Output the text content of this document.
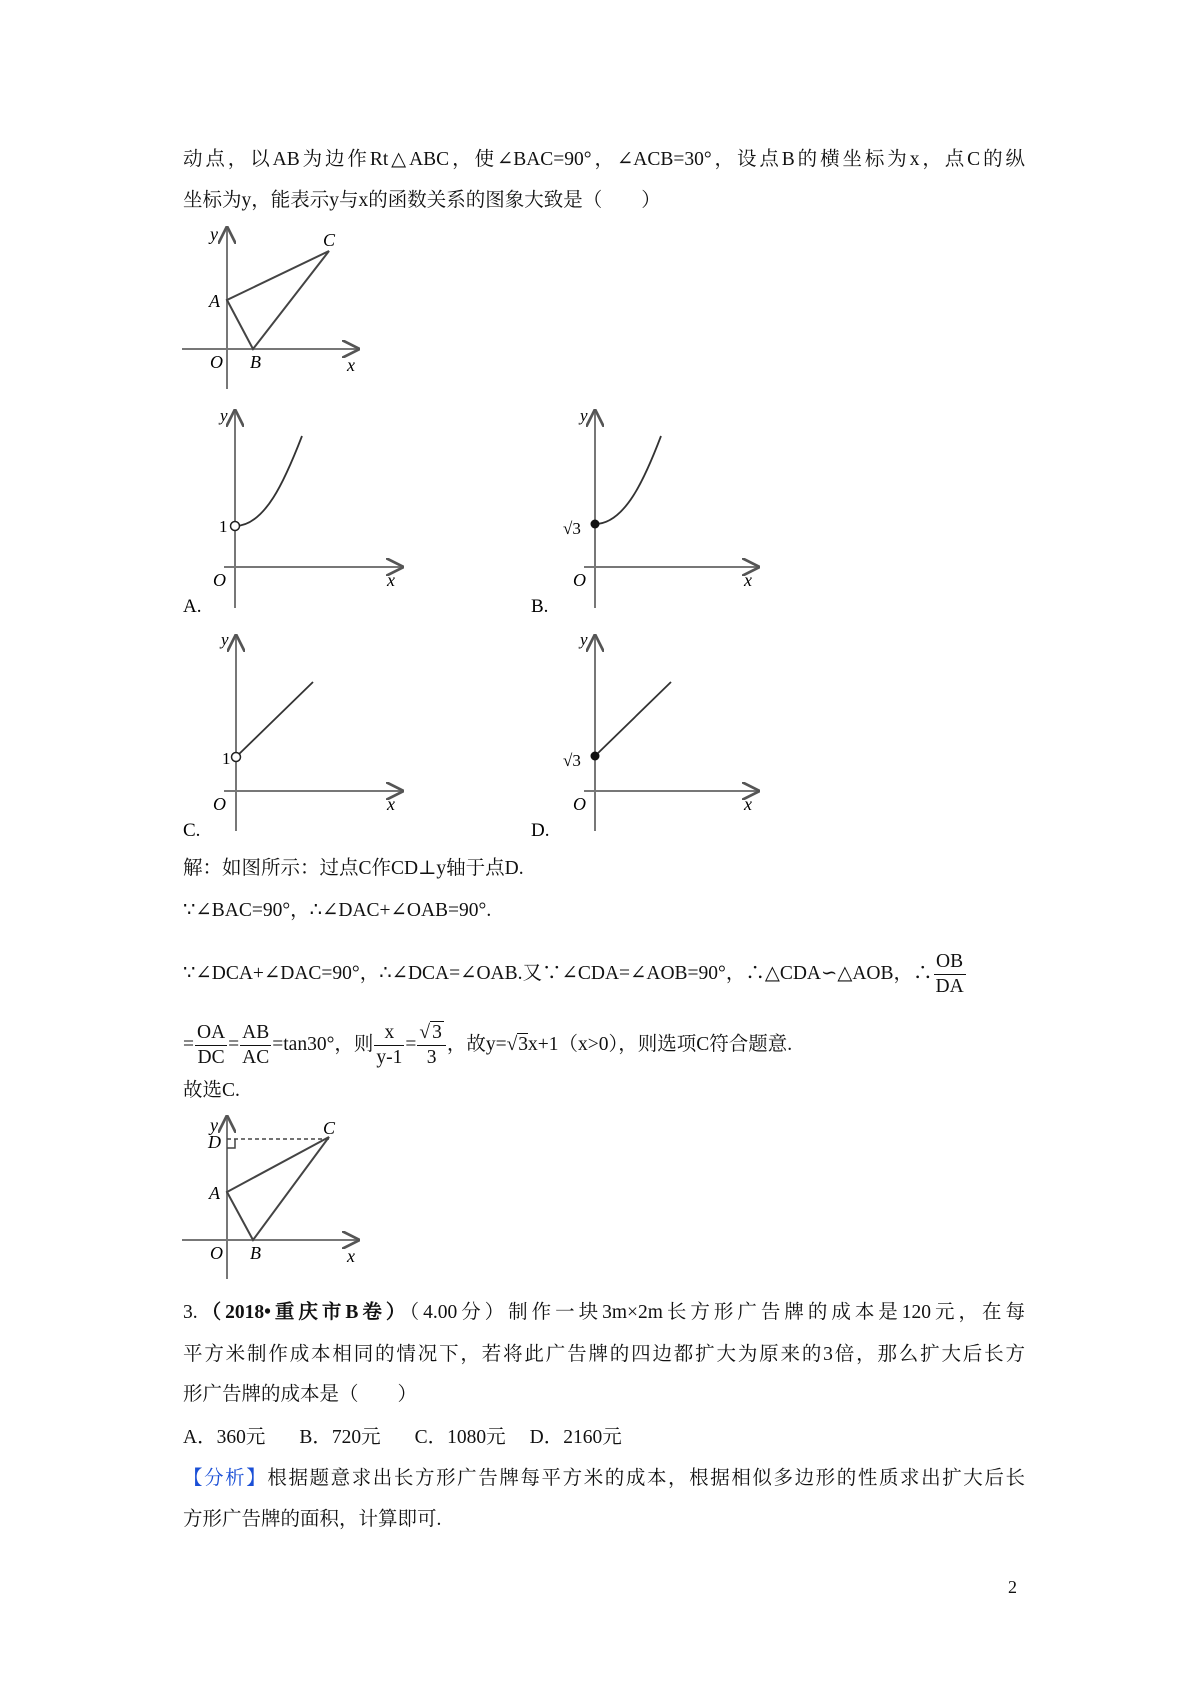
动点，以AB为边作Rt△ABC，使∠BAC=90°，∠ACB=30°，设点B的横坐标为x，点C的纵
坐标为y，能表示y与x的函数关系的图象大致是（　　）
y	C
A
O B	x
1
y
O	x
A.
√3
y
O	x
B.
1
y
O	x
C.
√3
y
O	x
D.
y
D
C
A
O B	x
解：如图所示：过点C作CD⊥y轴于点D.
∵∠BAC=90°，∴∠DAC+∠OAB=90°.
∵∠DCA+∠DAC=90°，∴∠DCA=∠OAB.又∵∠CDA=∠AOB=90°，∴△CDA∽△AOB，∴ $\frac{OB}{DA}$
= $\frac{OA}{DC} = \frac{AB}{AC} =\tan 30^\circ$，则 $\frac{x}{y-1} = \frac{√ 3}{3}$ ，故y=√3x+1（x>0），则选项C符合题意.
故选C.
3.（2018•重庆市B卷）（4.00分）制作一块3m×2m长方形广告牌的成本是120元，在每
平方米制作成本相同的情况下，若将此广告牌的四边都扩大为原来的3倍，那么扩大后长方
形广告牌的成本是（　　）
A．360元 B．720元 C．1080元 D．2160元
【分析】根据题意求出长方形广告牌每平方米的成本，根据相似多边形的性质求出扩大后长
方形广告牌的面积，计算即可.
2
